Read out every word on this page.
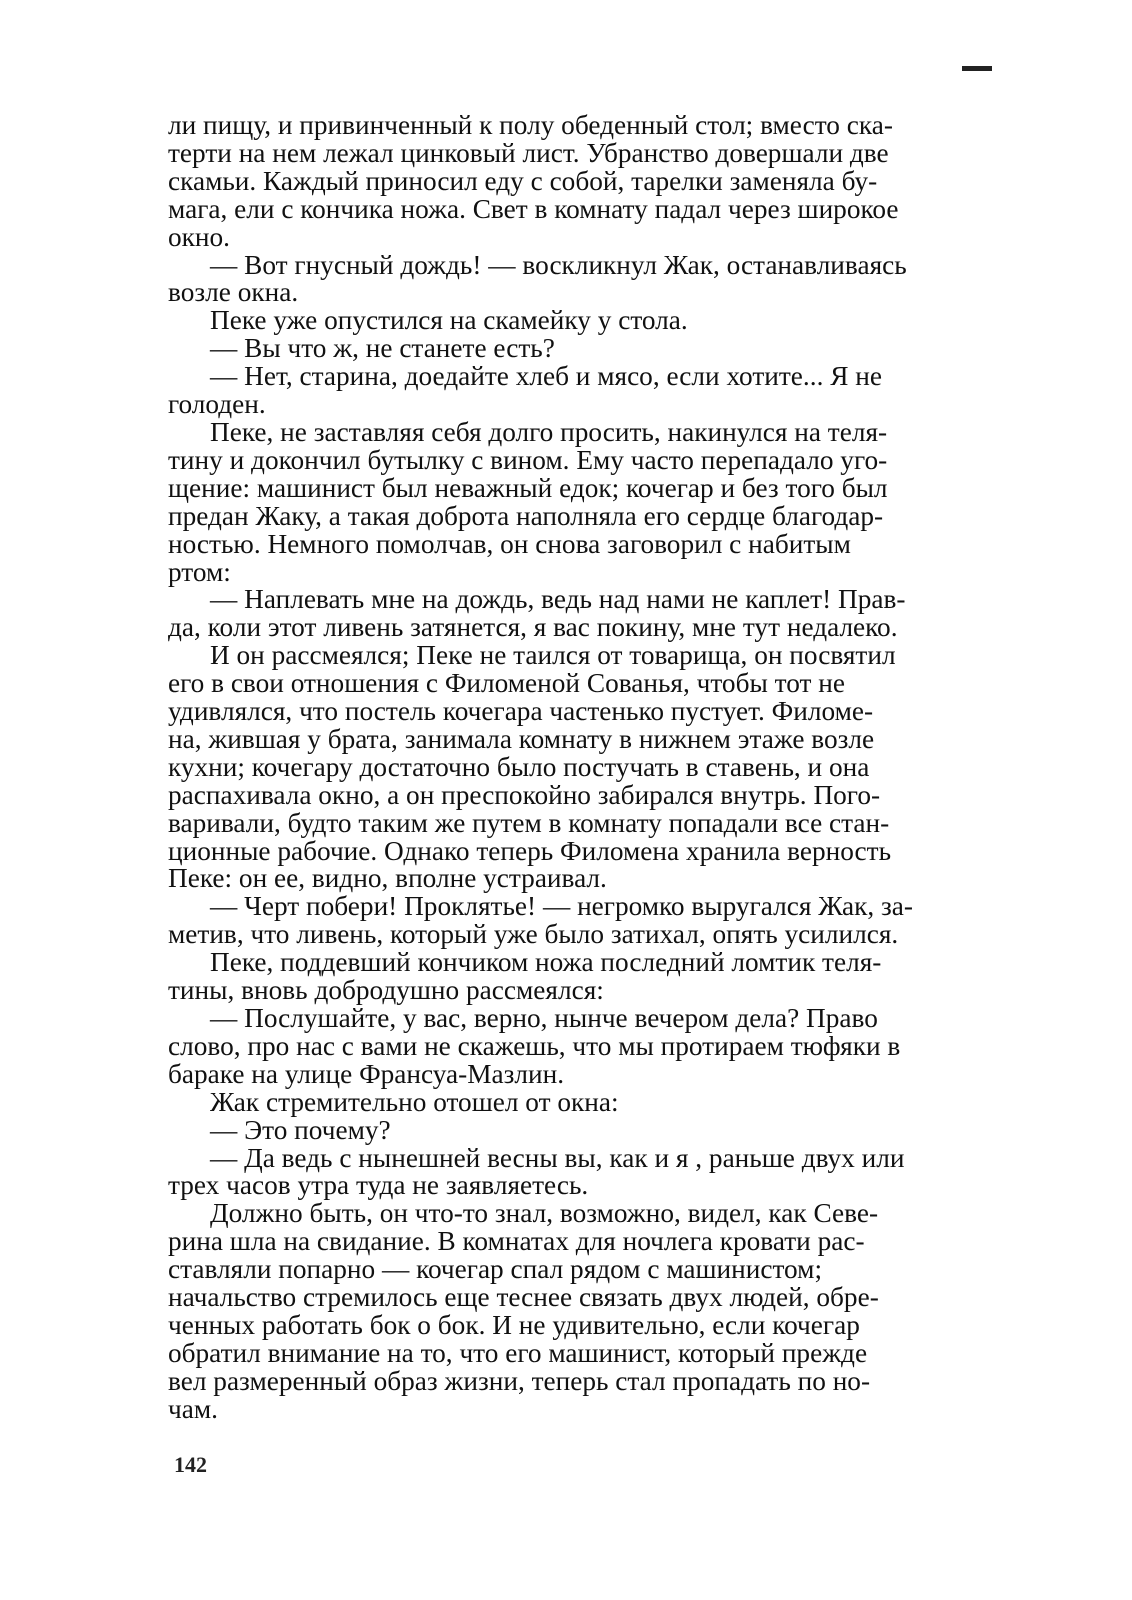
ли пищу, и привинченный к полу обеденный стол; вместо ска-
терти на нем лежал цинковый лист. Убранство довершали две
скамьи. Каждый приносил еду с собой, тарелки заменяла бу-
мага, ели с кончика ножа. Свет в комнату падал через широкое
окно.

— Вот гнусный дождь! — воскликнул Жак, останавливаясь
возле окна.

Пеке уже опустился на скамейку у стола.

— Вы что ж, не станете есть?

— Нет, старина, доедайте хлеб и мясо, если хотите... Я не
голоден.

Пеке, не заставляя себя долго просить, накинулся на теля-
тину и докончил бутылку с вином. Ему часто перепадало уго-
щение: машинист был неважный едок; кочегар и без того был
предан Жаку, а такая доброта наполняла его сердце благодар-
ностью. Немного помолчав, он снова заговорил с набитым
ртом:

— Наплевать мне на дождь, ведь над нами не каплет! Прав-
да, коли этот ливень затянется, я вас покину, мне тут недалеко.

И он рассмеялся; Пеке не таился от товарища, он посвятил
его в свои отношения с Филоменой Сованья, чтобы тот не
удивлялся, что постель кочегара частенько пустует. Филоме-
на, жившая у брата, занимала комнату в нижнем этаже возле
кухни; кочегару достаточно было постучать в ставень, и она
распахивала окно, а он преспокойно забирался внутрь. Пого-
варивали, будто таким же путем в комнату попадали все стан-
ционные рабочие. Однако теперь Филомена хранила верность
Пеке: он ее, видно, вполне устраивал.

— Черт побери! Проклятье! — негромко выругался Жак, за-
метив, что ливень, который уже было затихал, опять усилился.

Пеке, поддевший кончиком ножа последний ломтик теля-
тины, вновь добродушно рассмеялся:

— Послушайте, у вас, верно, нынче вечером дела? Право
слово, про нас с вами не скажешь, что мы протираем тюфяки в
бараке на улице Франсуа-Мазлин.

Жак стремительно отошел от окна:

— Это почему?

— Да ведь с нынешней весны вы, как и я , раньше двух или
трех часов утра туда не заявляетесь.

Должно быть, он что-то знал, возможно, видел, как Севе-
рина шла на свидание. В комнатах для ночлега кровати рас-
ставляли попарно — кочегар спал рядом с машинистом;
начальство стремилось еще теснее связать двух людей, обре-
ченных работать бок о бок. И не удивительно, если кочегар
обратил внимание на то, что его машинист, который прежде
вел размеренный образ жизни, теперь стал пропадать по но-
чам.

142
